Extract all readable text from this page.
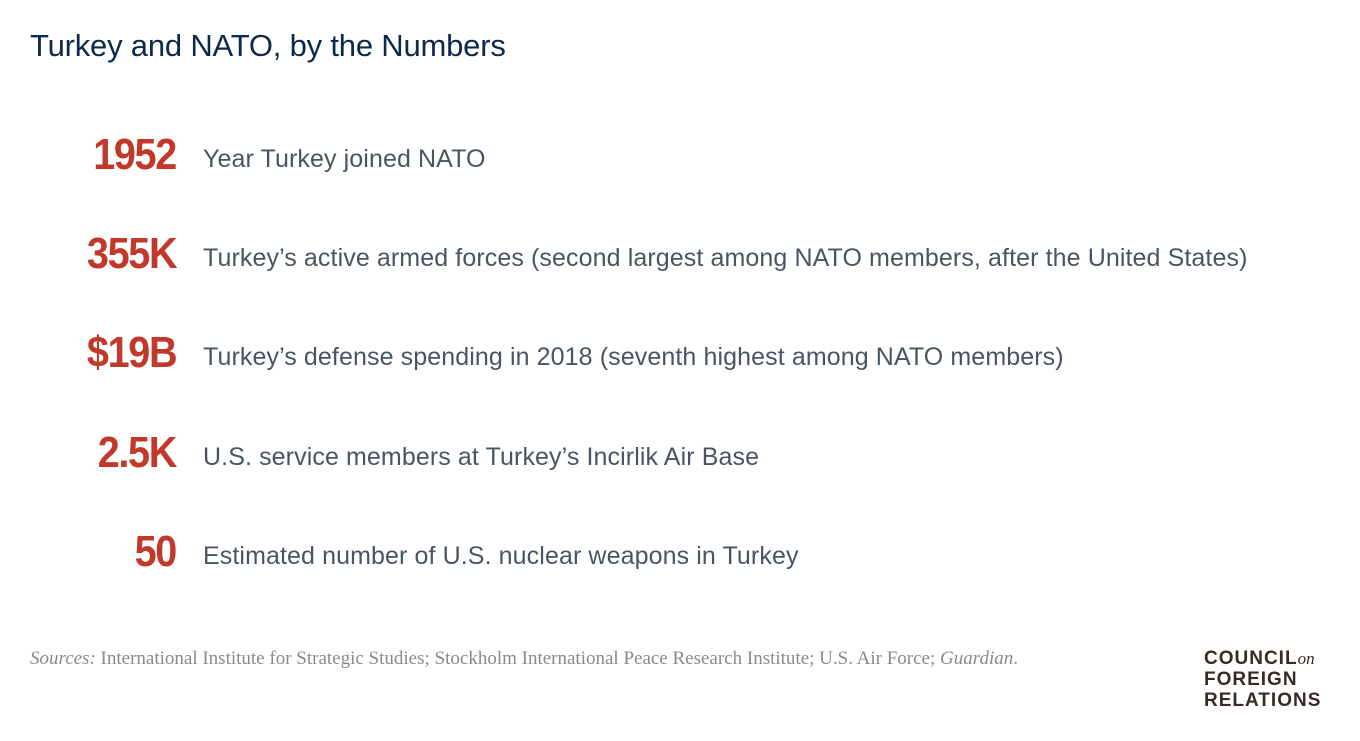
Turkey and NATO, by the Numbers
1952 Year Turkey joined NATO
355K Turkey’s active armed forces (second largest among NATO members, after the United States)
$19B Turkey’s defense spending in 2018 (seventh highest among NATO members)
2.5K U.S. service members at Turkey’s Incirlik Air Base
50 Estimated number of U.S. nuclear weapons in Turkey
Sources: International Institute for Strategic Studies; Stockholm International Peace Research Institute; U.S. Air Force; Guardian.	COUNCILon
FOREIGN
RELATIONS
